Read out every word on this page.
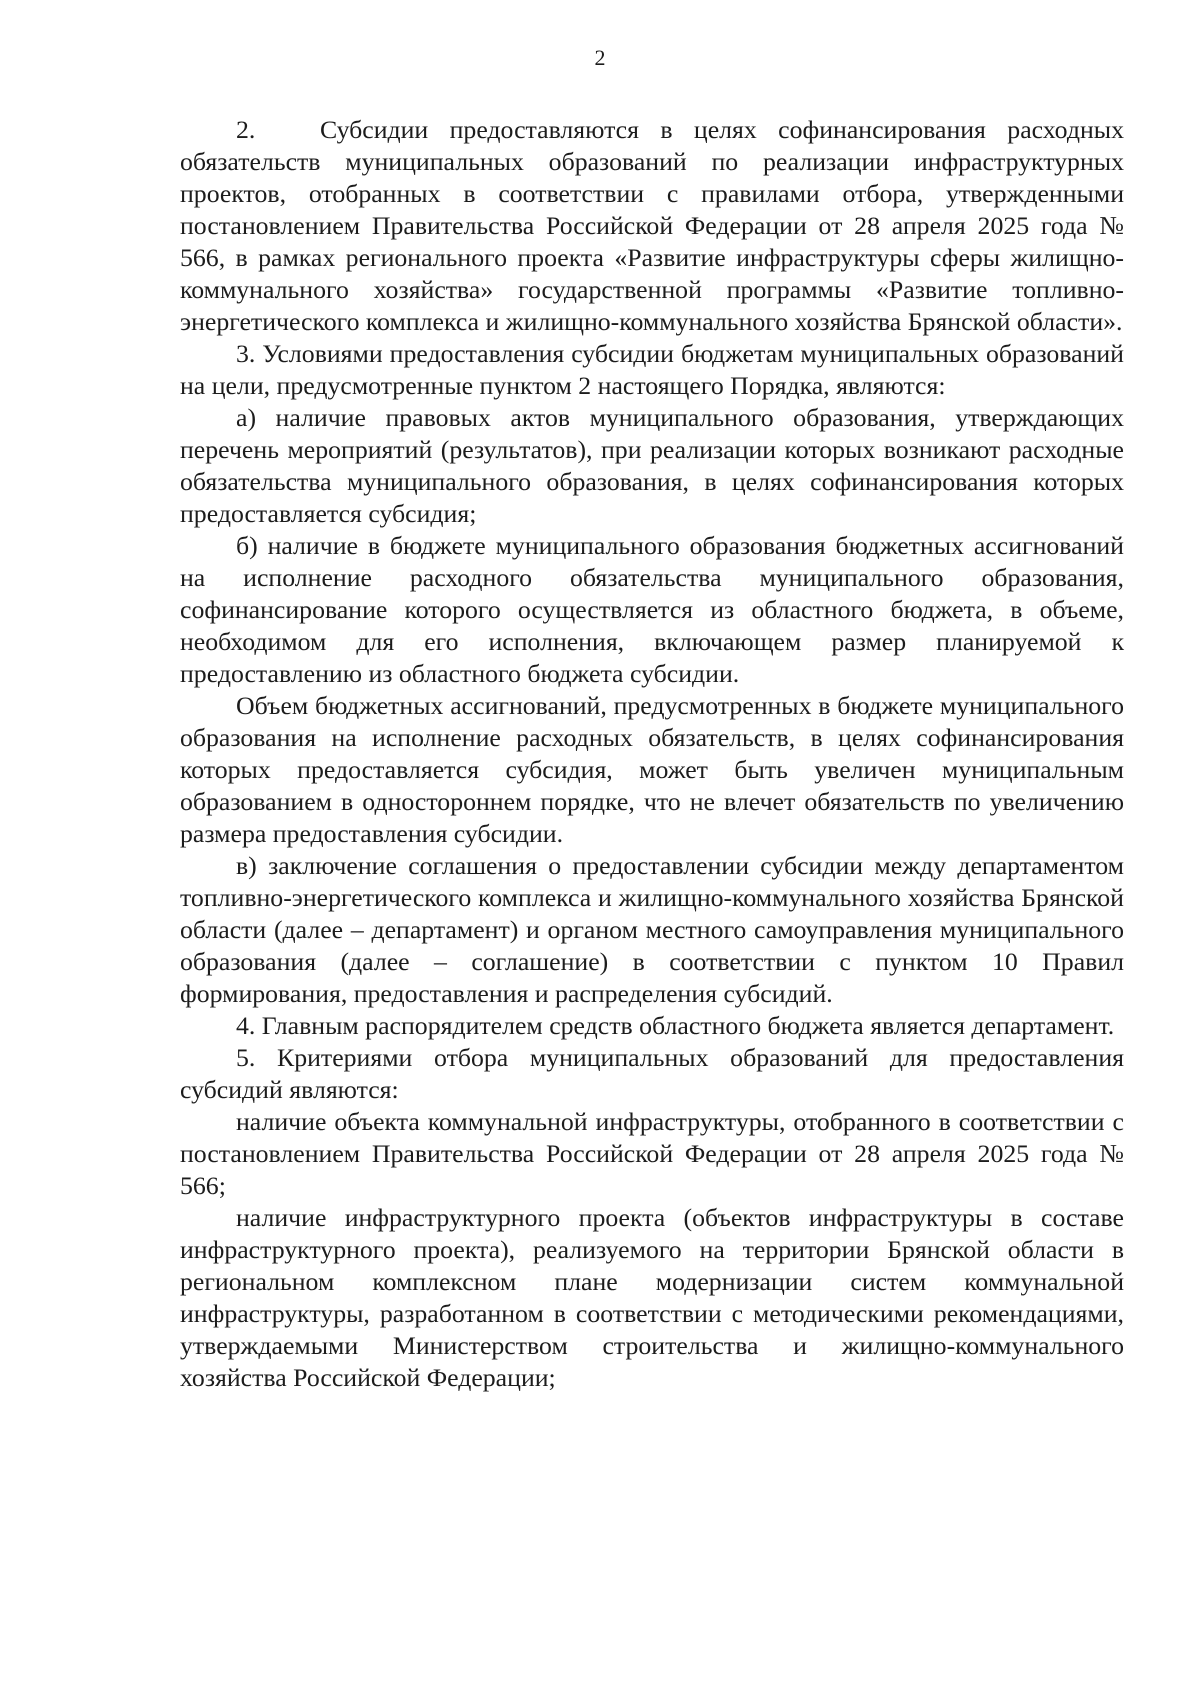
2

2.	Субсидии предоставляются в целях софинансирования расходных обязательств муниципальных образований по реализации инфраструктурных проектов, отобранных в соответствии с правилами отбора, утвержденными постановлением Правительства Российской Федерации от 28 апреля 2025 года № 566, в рамках регионального проекта «Развитие инфраструктуры сферы жилищно-коммунального хозяйства» государственной программы «Развитие топливно-энергетического комплекса и жилищно-коммунального хозяйства Брянской области».

3. Условиями предоставления субсидии бюджетам муниципальных образований на цели, предусмотренные пунктом 2 настоящего Порядка, являются:

а) наличие правовых актов муниципального образования, утверждающих перечень мероприятий (результатов), при реализации которых возникают расходные обязательства муниципального образования, в целях софинансирования которых предоставляется субсидия;

б) наличие в бюджете муниципального образования бюджетных ассигнований на исполнение расходного обязательства муниципального образования, софинансирование которого осуществляется из областного бюджета, в объеме, необходимом для его исполнения, включающем размер планируемой к предоставлению из областного бюджета субсидии.

Объем бюджетных ассигнований, предусмотренных в бюджете муниципального образования на исполнение расходных обязательств, в целях софинансирования которых предоставляется субсидия, может быть увеличен муниципальным образованием в одностороннем порядке, что не влечет обязательств по увеличению размера предоставления субсидии.

в) заключение соглашения о предоставлении субсидии между департаментом топливно-энергетического комплекса и жилищно-коммунального хозяйства Брянской области (далее – департамент) и органом местного самоуправления муниципального образования (далее – соглашение) в соответствии с пунктом 10 Правил формирования, предоставления и распределения субсидий.

4. Главным распорядителем средств областного бюджета является департамент.

5. Критериями отбора муниципальных образований для предоставления субсидий являются:

наличие объекта коммунальной инфраструктуры, отобранного в соответствии с постановлением Правительства Российской Федерации от 28 апреля 2025 года № 566;

наличие инфраструктурного проекта (объектов инфраструктуры в составе инфраструктурного проекта), реализуемого на территории Брянской области в региональном комплексном плане модернизации систем коммунальной инфраструктуры, разработанном в соответствии с методическими рекомендациями, утверждаемыми Министерством строительства и жилищно-коммунального хозяйства Российской Федерации;
